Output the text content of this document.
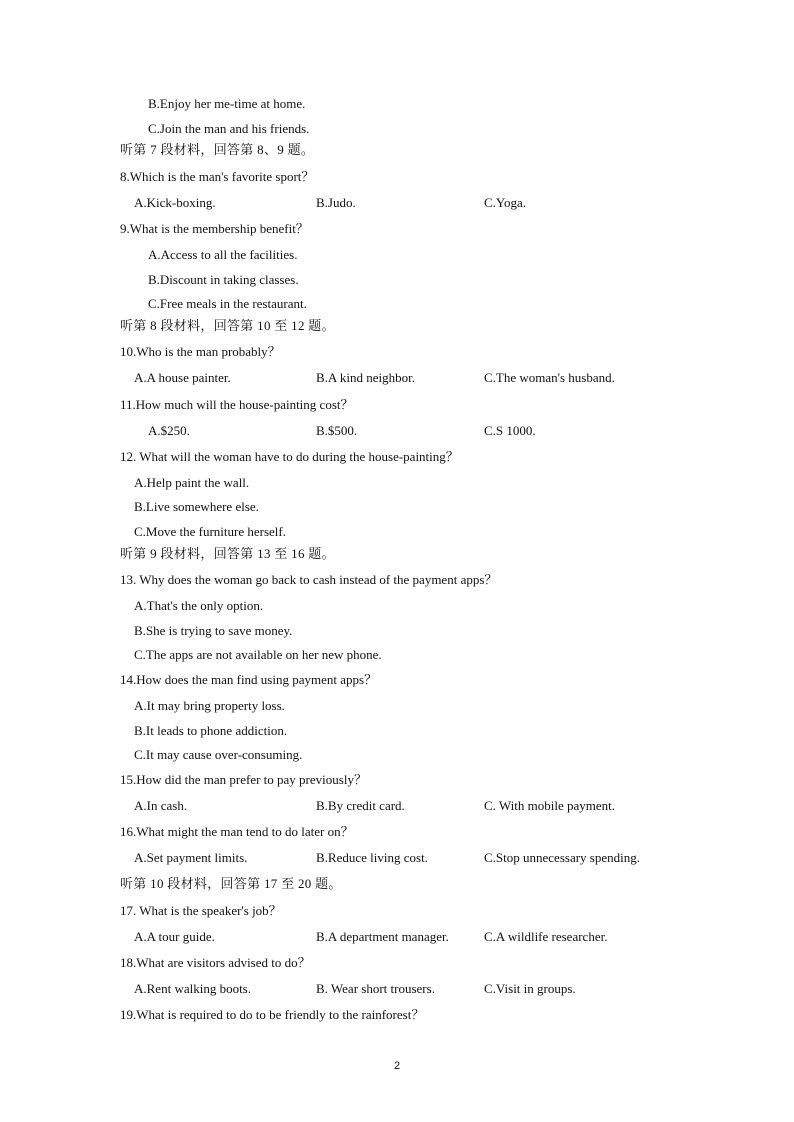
B.Enjoy her me-time at home.
C.Join the man and his friends.
听第 7 段材料，回答第 8、9 题。
8.Which is the man's favorite sport？
A.Kick-boxing.	B.Judo.	C.Yoga.
9.What is the membership benefit？
A.Access to all the facilities.
B.Discount in taking classes.
C.Free meals in the restaurant.
听第 8 段材料，回答第 10 至 12 题。
10.Who is the man probably？
A.A house painter.	B.A kind neighbor.	C.The woman's husband.
11.How much will the house-painting cost？
A.$250.	B.$500.	C.S 1000.
12. What will the woman have to do during the house-painting？
A.Help paint the wall.
B.Live somewhere else.
C.Move the furniture herself.
听第 9 段材料，回答第 13 至 16 题。
13. Why does the woman go back to cash instead of the payment apps？
A.That's the only option.
B.She is trying to save money.
C.The apps are not available on her new phone.
14.How does the man find using payment apps？
A.It may bring property loss.
B.It leads to phone addiction.
C.It may cause over-consuming.
15.How did the man prefer to pay previously？
A.In cash.	B.By credit card.	C. With mobile payment.
16.What might the man tend to do later on？
A.Set payment limits.	B.Reduce living cost.	C.Stop unnecessary spending.
听第 10 段材料，回答第 17 至 20 题。
17. What is the speaker's job？
A.A tour guide.	B.A department manager.	C.A wildlife researcher.
18.What are visitors advised to do？
A.Rent walking boots.	B. Wear short trousers.	C.Visit in groups.
19.What is required to do to be friendly to the rainforest？
2
